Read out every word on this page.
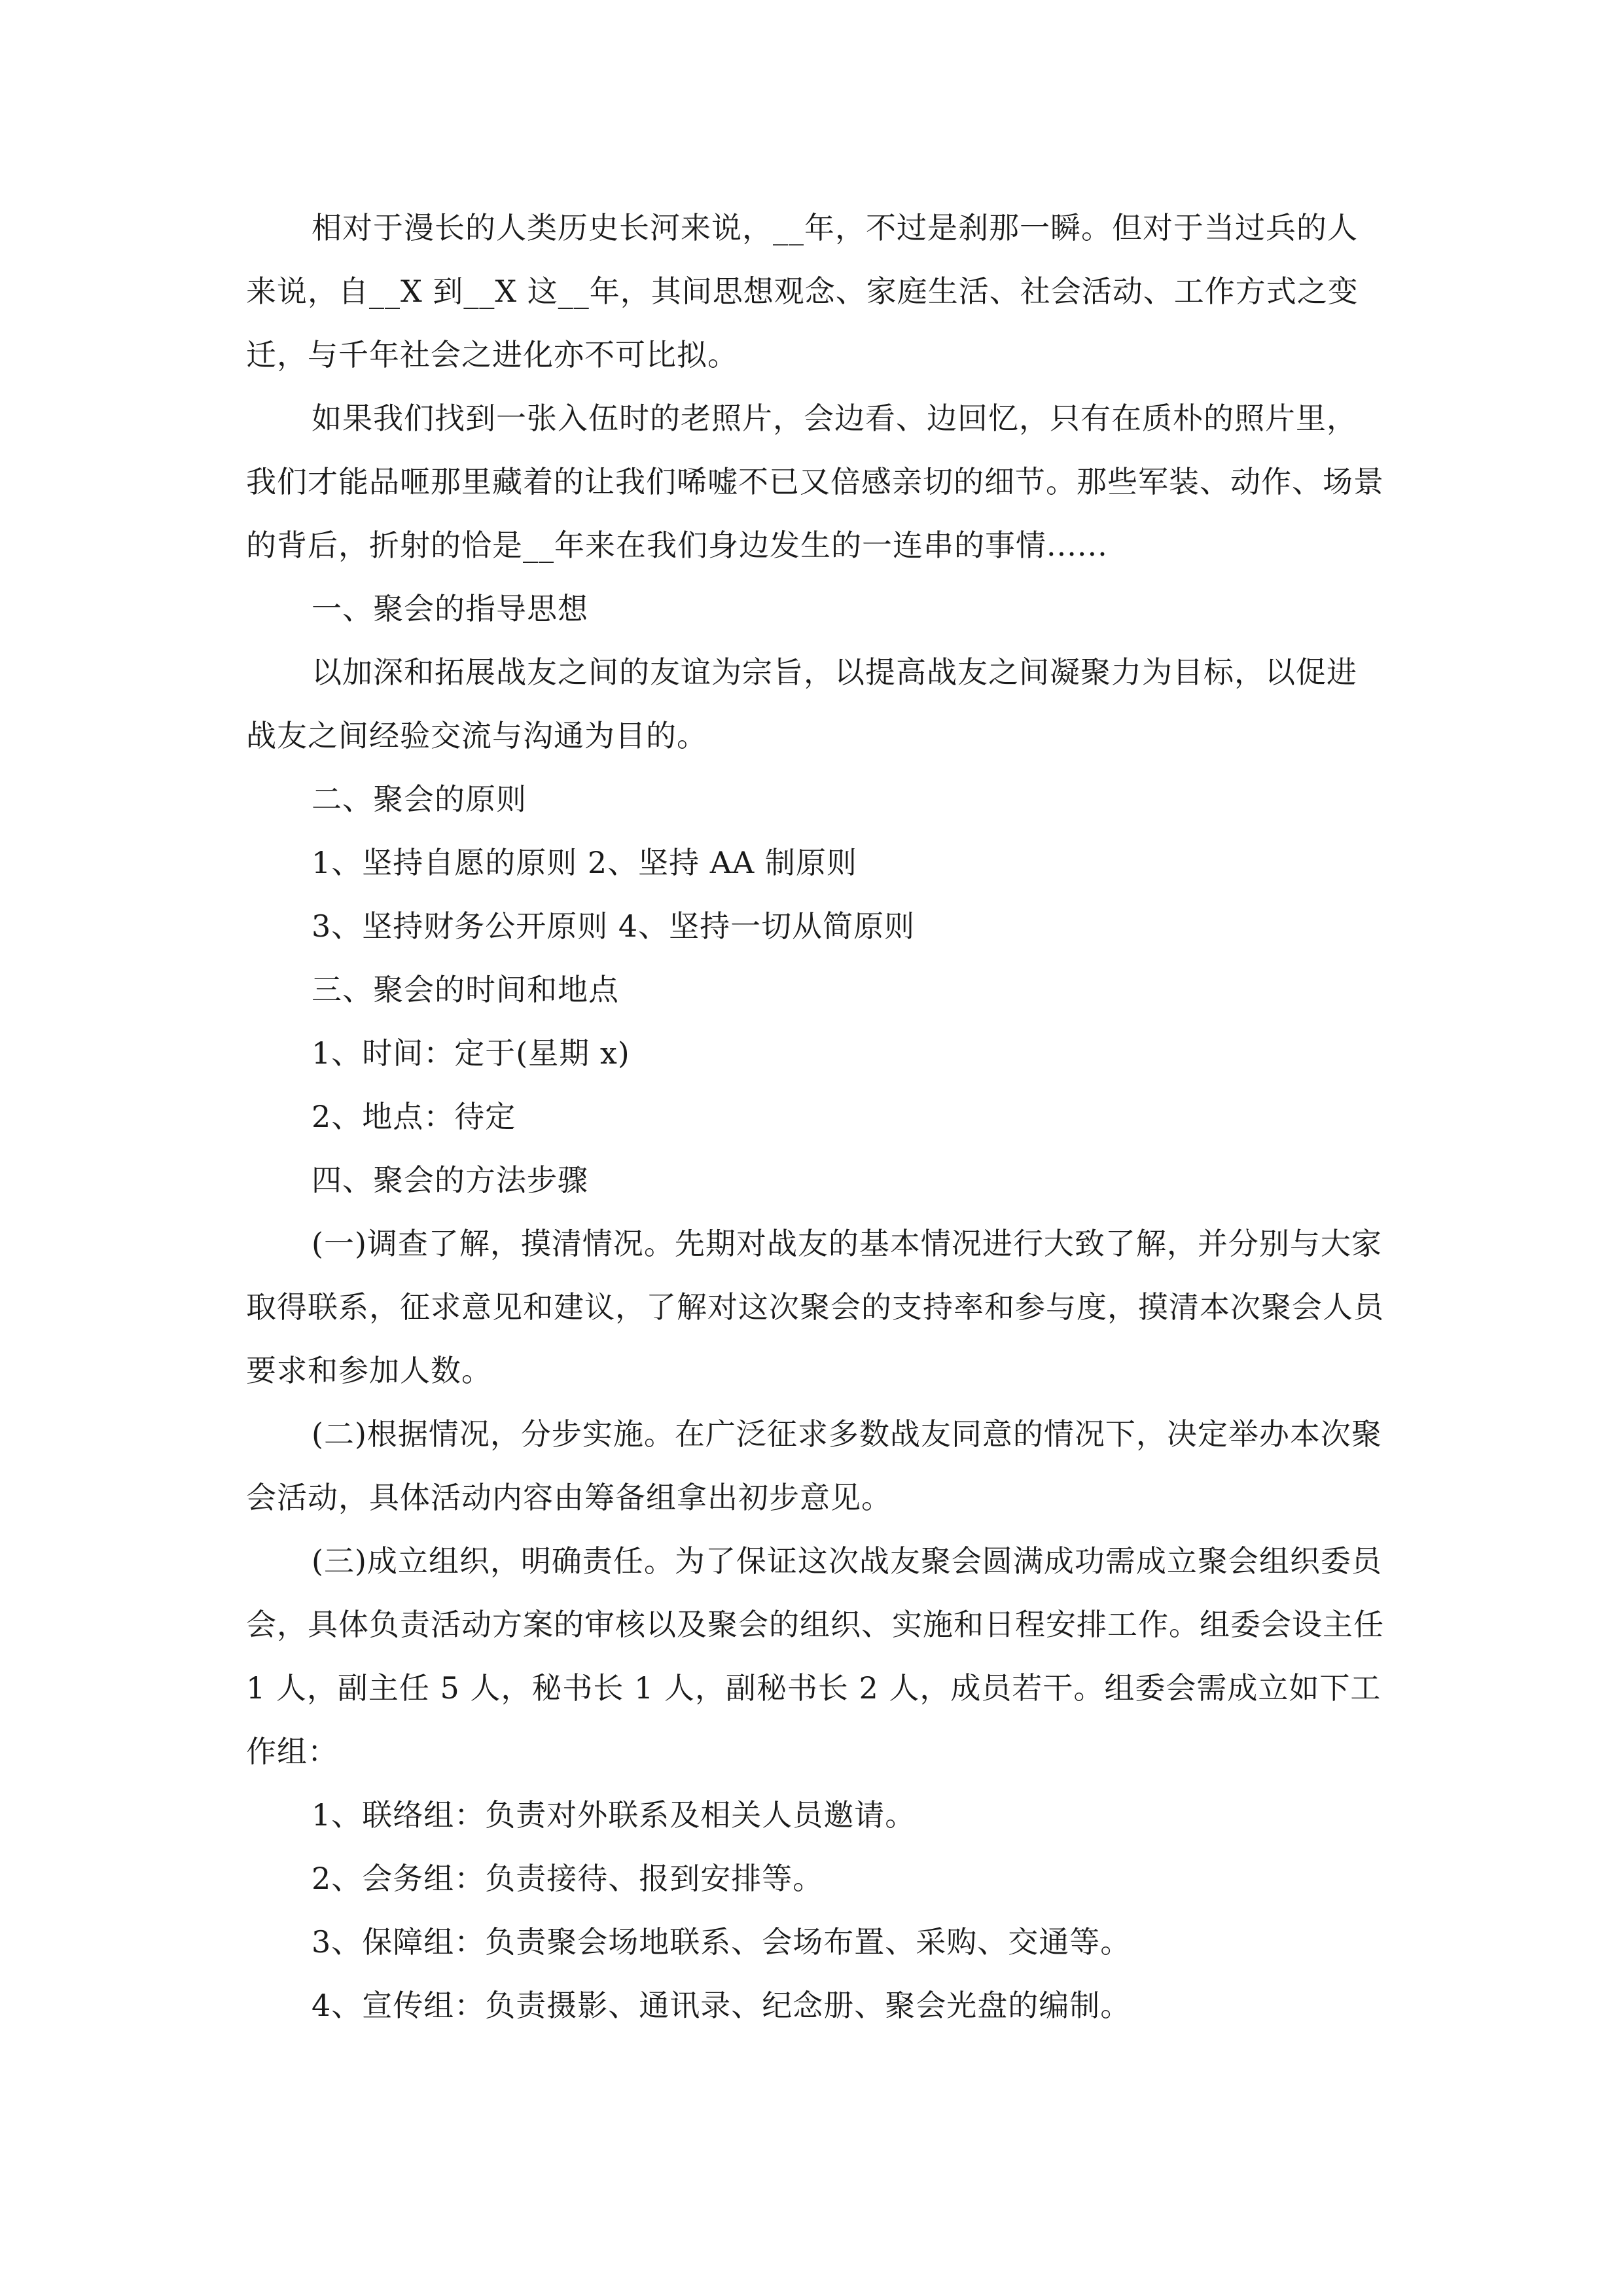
相对于漫长的人类历史长河来说，__年，不过是刹那一瞬。但对于当过兵的人来说，自__X 到__X 这__年，其间思想观念、家庭生活、社会活动、工作方式之变迁，与千年社会之进化亦不可比拟。

如果我们找到一张入伍时的老照片，会边看、边回忆，只有在质朴的照片里，我们才能品咂那里藏着的让我们唏嘘不已又倍感亲切的细节。那些军装、动作、场景的背后，折射的恰是__年来在我们身边发生的一连串的事情......

一、聚会的指导思想

以加深和拓展战友之间的友谊为宗旨，以提高战友之间凝聚力为目标，以促进战友之间经验交流与沟通为目的。

二、聚会的原则

1、坚持自愿的原则 2、坚持 AA 制原则

3、坚持财务公开原则 4、坚持一切从简原则

三、聚会的时间和地点

1、时间：定于(星期 x)

2、地点：待定

四、聚会的方法步骤

(一)调查了解，摸清情况。先期对战友的基本情况进行大致了解，并分别与大家取得联系，征求意见和建议，了解对这次聚会的支持率和参与度，摸清本次聚会人员要求和参加人数。

(二)根据情况，分步实施。在广泛征求多数战友同意的情况下，决定举办本次聚会活动，具体活动内容由筹备组拿出初步意见。

(三)成立组织，明确责任。为了保证这次战友聚会圆满成功需成立聚会组织委员会，具体负责活动方案的审核以及聚会的组织、实施和日程安排工作。组委会设主任 1 人，副主任 5 人，秘书长 1 人，副秘书长 2 人，成员若干。组委会需成立如下工作组：

1、联络组：负责对外联系及相关人员邀请。

2、会务组：负责接待、报到安排等。

3、保障组：负责聚会场地联系、会场布置、采购、交通等。

4、宣传组：负责摄影、通讯录、纪念册、聚会光盘的编制。
